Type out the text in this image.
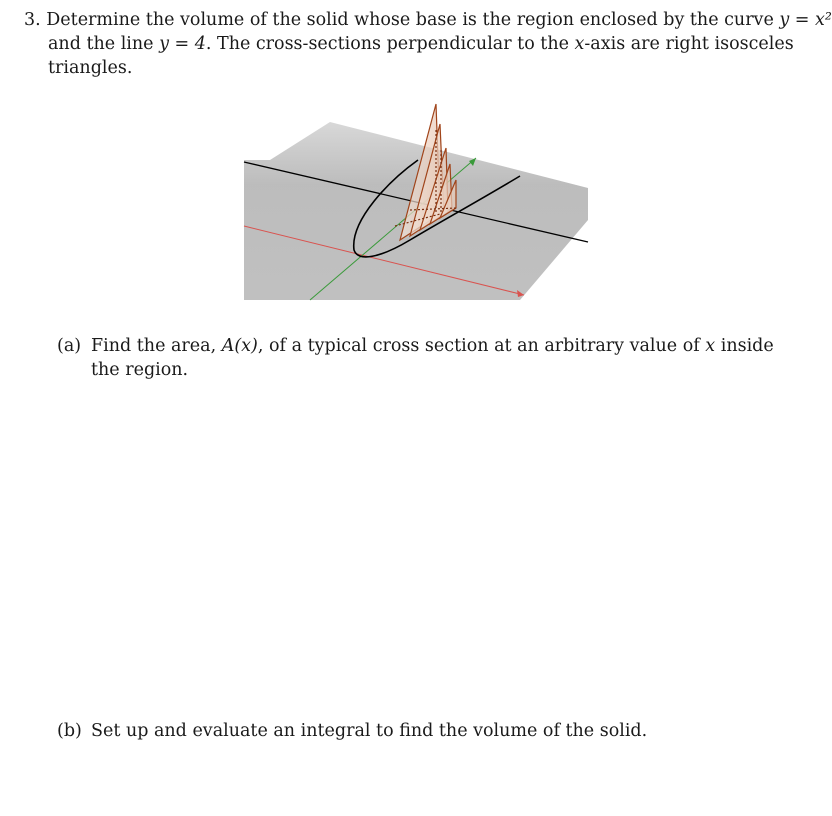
3. Determine the volume of the solid whose base is the region enclosed by the curve y = x²
and the line y = 4. The cross-sections perpendicular to the x-axis are right isosceles
triangles.
(a) Find the area, A(x), of a typical cross section at an arbitrary value of x inside
the region.
(b) Set up and evaluate an integral to find the volume of the solid.
